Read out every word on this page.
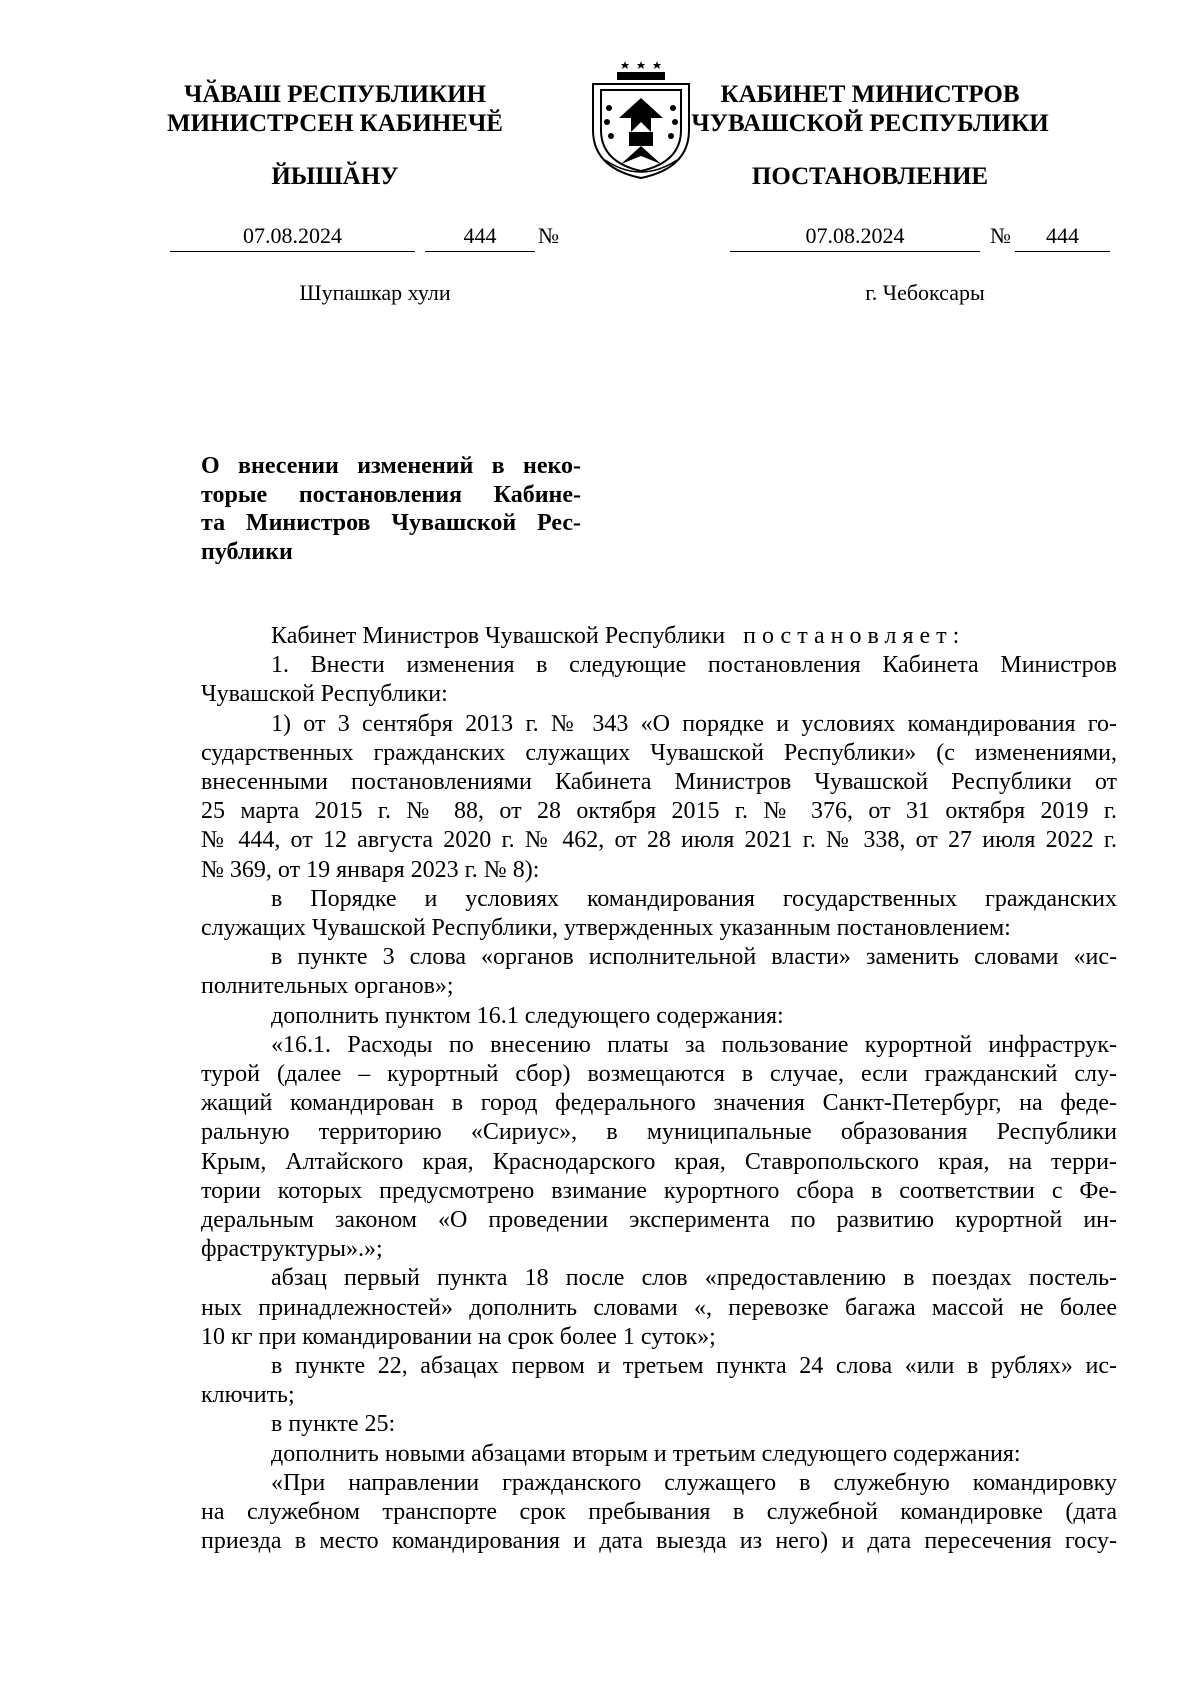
ЧӐВАШ РЕСПУБЛИКИН
МИНИСТРСЕН КАБИНЕЧӖ
ЙЫШӐНУ
КАБИНЕТ МИНИСТРОВ
ЧУВАШСКОЙ РЕСПУБЛИКИ
ПОСТАНОВЛЕНИЕ
07.08.2024	444	№	07.08.2024	№	444
Шупашкар хули	г. Чебоксары
О внесении изменений в неко-
торые постановления Кабине-
та Министров Чувашской Рес-
публики
Кабинет Министров Чувашской Республики постановляет:
1. Внести изменения в следующие постановления Кабинета Министров
Чувашской Республики:
1) от 3 сентября 2013 г. № 343 «О порядке и условиях командирования го-
сударственных гражданских служащих Чувашской Республики» (с изменениями,
внесенными постановлениями Кабинета Министров Чувашской Республики от
25 марта 2015 г. № 88, от 28 октября 2015 г. № 376, от 31 октября 2019 г.
№ 444, от 12 августа 2020 г. № 462, от 28 июля 2021 г. № 338, от 27 июля 2022 г.
№ 369, от 19 января 2023 г. № 8):
в Порядке и условиях командирования государственных гражданских
служащих Чувашской Республики, утвержденных указанным постановлением:
в пункте 3 слова «органов исполнительной власти» заменить словами «ис-
полнительных органов»;
дополнить пунктом 16.1 следующего содержания:
«16.1. Расходы по внесению платы за пользование курортной инфраструк-
турой (далее – курортный сбор) возмещаются в случае, если гражданский слу-
жащий командирован в город федерального значения Санкт-Петербург, на феде-
ральную территорию «Сириус», в муниципальные образования Республики
Крым, Алтайского края, Краснодарского края, Ставропольского края, на терри-
тории которых предусмотрено взимание курортного сбора в соответствии с Фе-
деральным законом «О проведении эксперимента по развитию курортной ин-
фраструктуры».»;
абзац первый пункта 18 после слов «предоставлению в поездах постель-
ных принадлежностей» дополнить словами «, перевозке багажа массой не более
10 кг при командировании на срок более 1 суток»;
в пункте 22, абзацах первом и третьем пункта 24 слова «или в рублях» ис-
ключить;
в пункте 25:
дополнить новыми абзацами вторым и третьим следующего содержания:
«При направлении гражданского служащего в служебную командировку
на служебном транспорте срок пребывания в служебной командировке (дата
приезда в место командирования и дата выезда из него) и дата пересечения госу-
